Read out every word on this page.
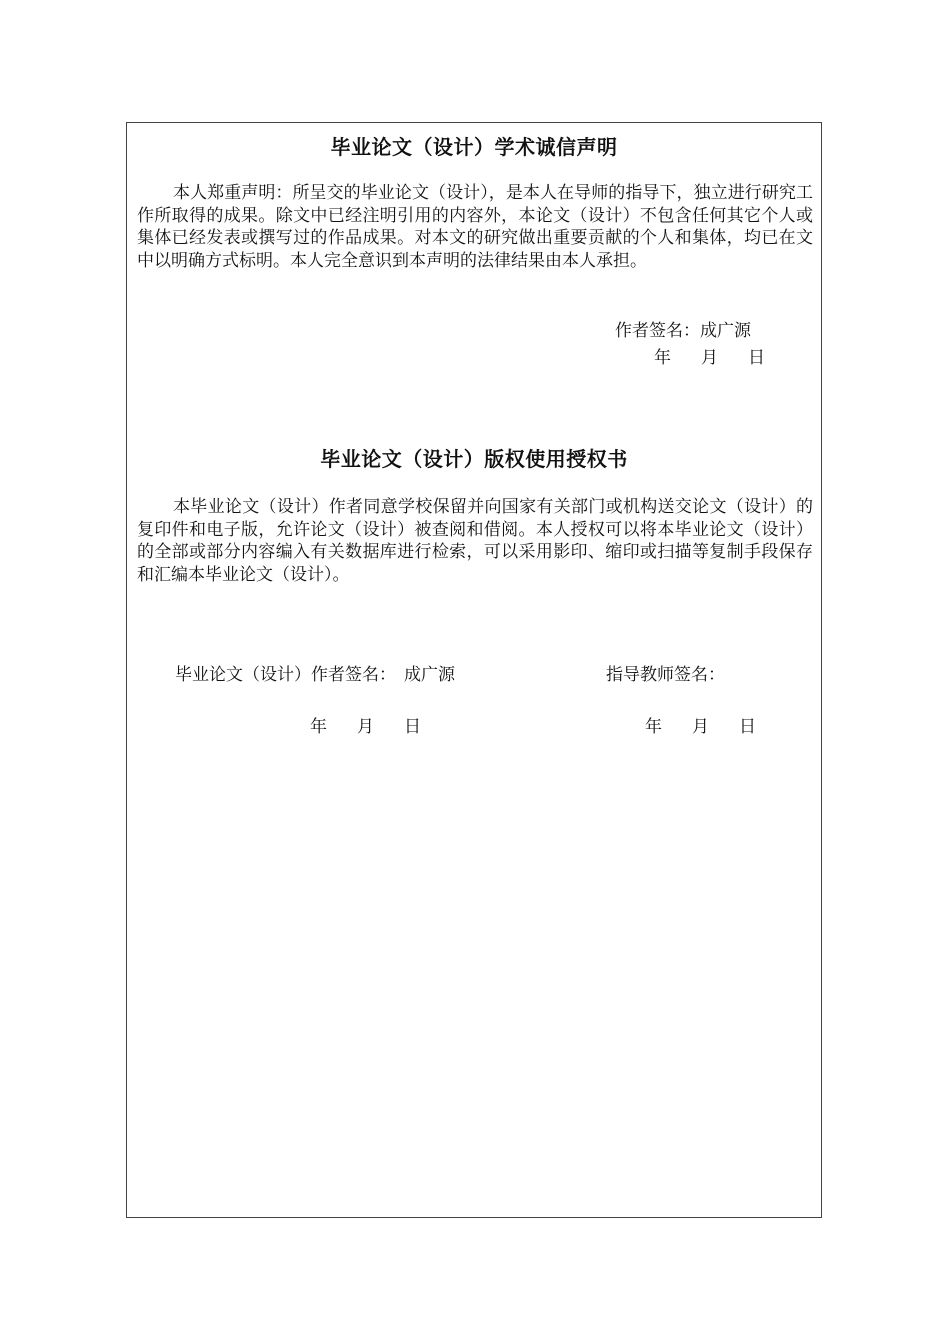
毕业论文（设计）学术诚信声明

本人郑重声明：所呈交的毕业论文（设计），是本人在导师的指导下，独立进行研究工作所取得的成果。除文中已经注明引用的内容外，本论文（设计）不包含任何其它个人或集体已经发表或撰写过的作品成果。对本文的研究做出重要贡献的个人和集体，均已在文中以明确方式标明。本人完全意识到本声明的法律结果由本人承担。

作者签名：成广源
年 月 日
毕业论文（设计）版权使用授权书

本毕业论文（设计）作者同意学校保留并向国家有关部门或机构送交论文（设计）的复印件和电子版，允许论文（设计）被查阅和借阅。本人授权可以将本毕业论文（设计）的全部或部分内容编入有关数据库进行检索，可以采用影印、缩印或扫描等复制手段保存和汇编本毕业论文（设计）。

毕业论文（设计）作者签名： 成广源	指导教师签名：
年 月 日	年 月 日
